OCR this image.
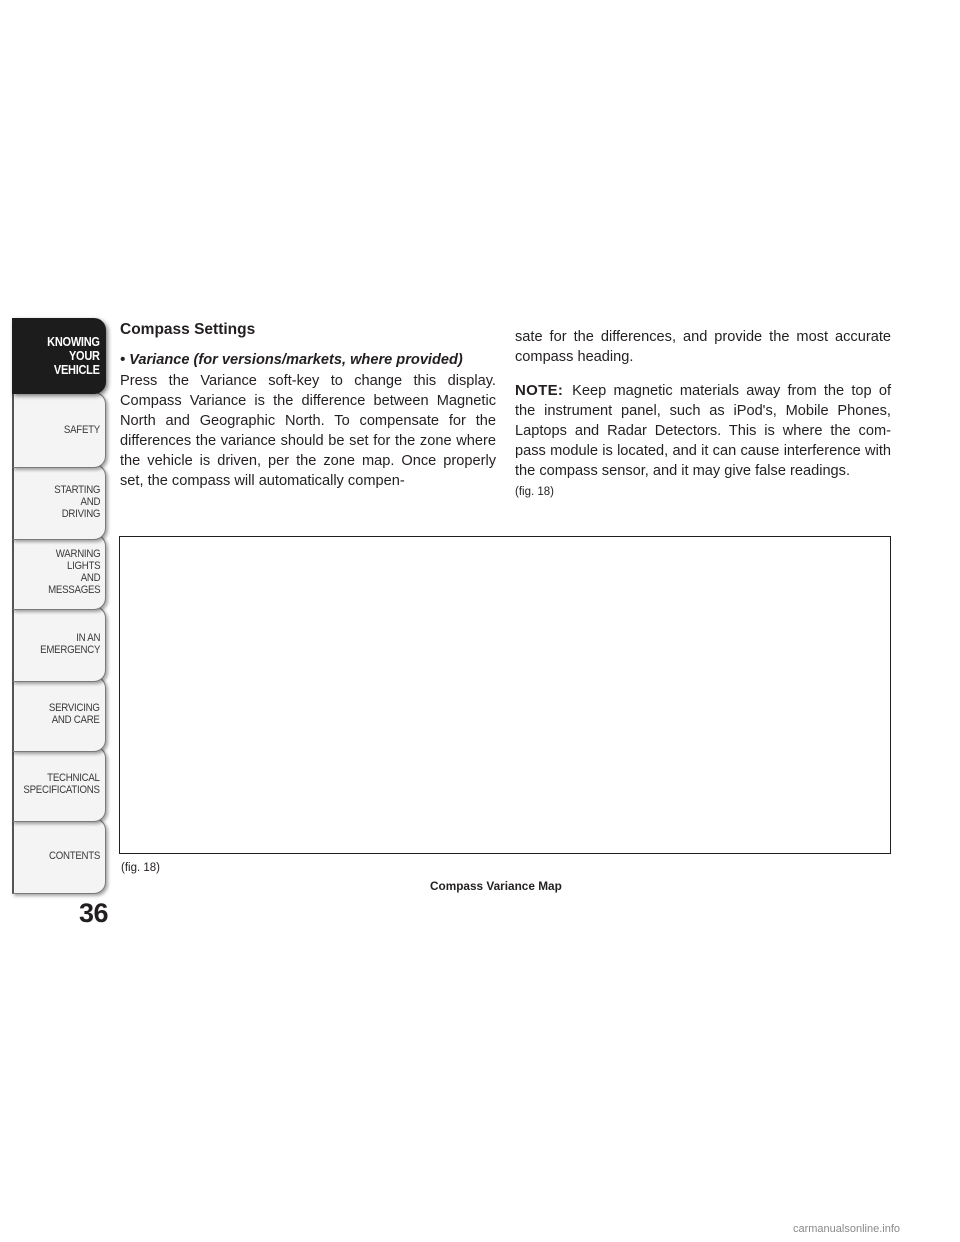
CONTENTS
TECHNICAL
SPECIFICATIONS
SERVICING
AND CARE
IN AN
EMERGENCY
WARNING
LIGHTS
AND
MESSAGES
STARTING
AND
DRIVING
SAFETY
KNOWING
YOUR
VEHICLE
36
Compass Settings
• Variance (for versions/markets, where provided)

Press the Variance soft-key to change this display. Compass Variance is the difference between Magnetic North and Geographic North. To compensate for the differences the variance should be set for the zone where the vehicle is driven, per the zone map. Once properly set, the compass will automatically compen-

sate for the differences, and provide the most accurate compass heading.

NOTE: Keep magnetic materials away from the top of the instrument panel, such as iPod's, Mobile Phones, Laptops and Radar Detectors. This is where the com-pass module is located, and it can cause interference with the compass sensor, and it may give false readings.

(fig. 18)
(fig. 18)
Compass Variance Map
carmanualsonline.info
